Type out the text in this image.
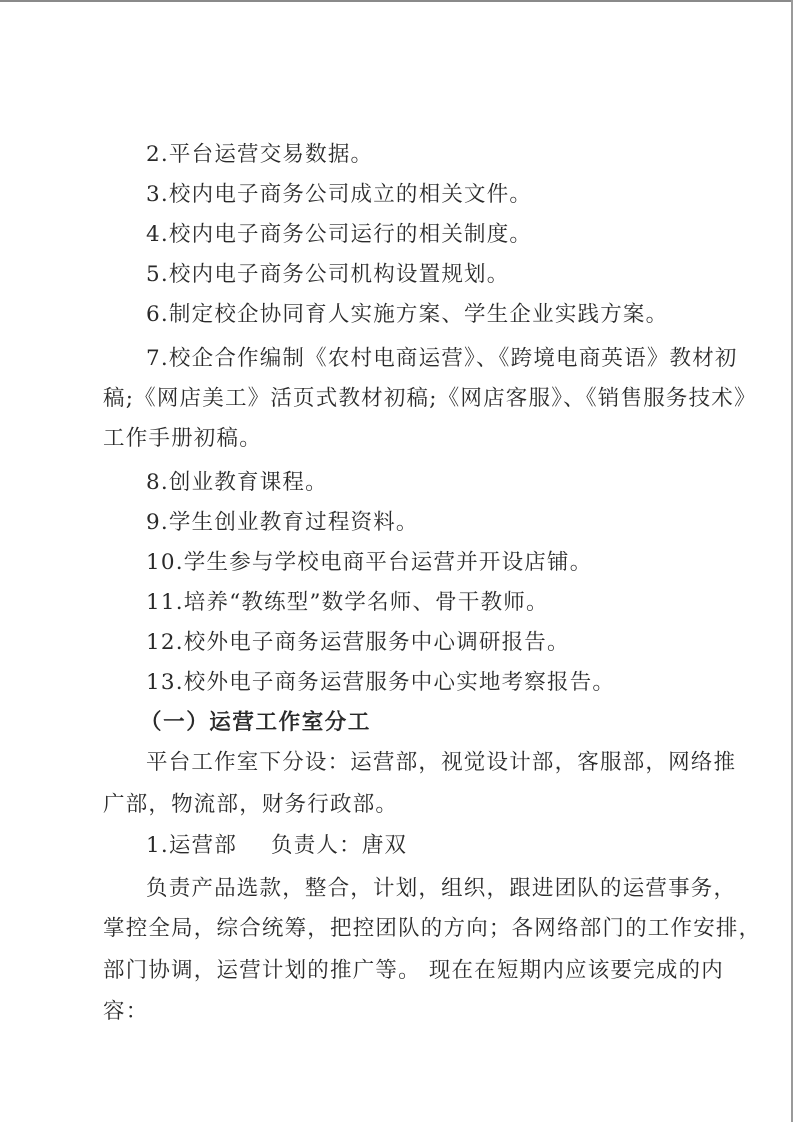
2.平台运营交易数据。
3.校内电子商务公司成立的相关文件。
4.校内电子商务公司运行的相关制度。
5.校内电子商务公司机构设置规划。
6.制定校企协同育人实施方案、学生企业实践方案。
7.校企合作编制《农村电商运营》、《跨境电商英语》教材初
稿;《网店美工》活页式教材初稿;《网店客服》、《销售服务技术》
工作手册初稿。
8.创业教育课程。
9.学生创业教育过程资料。
10.学生参与学校电商平台运营并开设店铺。
11.培养“教练型”数学名师、骨干教师。
12.校外电子商务运营服务中心调研报告。
13.校外电子商务运营服务中心实地考察报告。
（一）运营工作室分工
平台工作室下分设：运营部，视觉设计部，客服部，网络推
广部，物流部，财务行政部。
1.运营部 负责人：唐双
负责产品选款，整合，计划，组织，跟进团队的运营事务，
掌控全局，综合统筹，把控团队的方向；各网络部门的工作安排，
部门协调，运营计划的推广等。 现在在短期内应该要完成的内
容：
